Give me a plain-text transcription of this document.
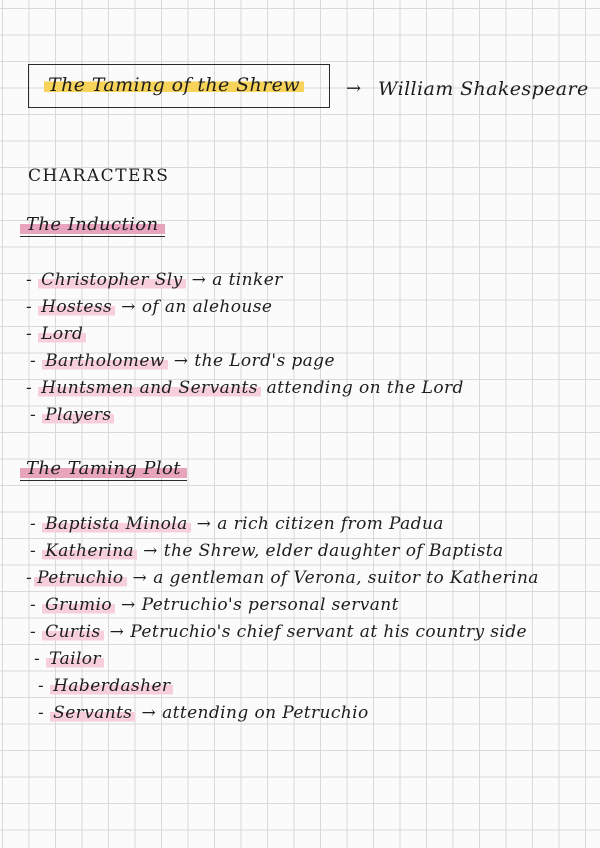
The Taming of the Shrew	→ William Shakespeare
CHARACTERS
The Induction
- Christopher Sly → a tinker
- Hostess → of an alehouse
- Lord
- Bartholomew → the Lord's page
- Huntsmen and Servants attending on the Lord
- Players
The Taming Plot
- Baptista Minola → a rich citizen from Padua
- Katherina → the Shrew, elder daughter of Baptista
- Petruchio → a gentleman of Verona, suitor to Katherina
- Grumio → Petruchio's personal servant
- Curtis → Petruchio's chief servant at his country side
- Tailor
- Haberdasher
- Servants → attending on Petruchio
